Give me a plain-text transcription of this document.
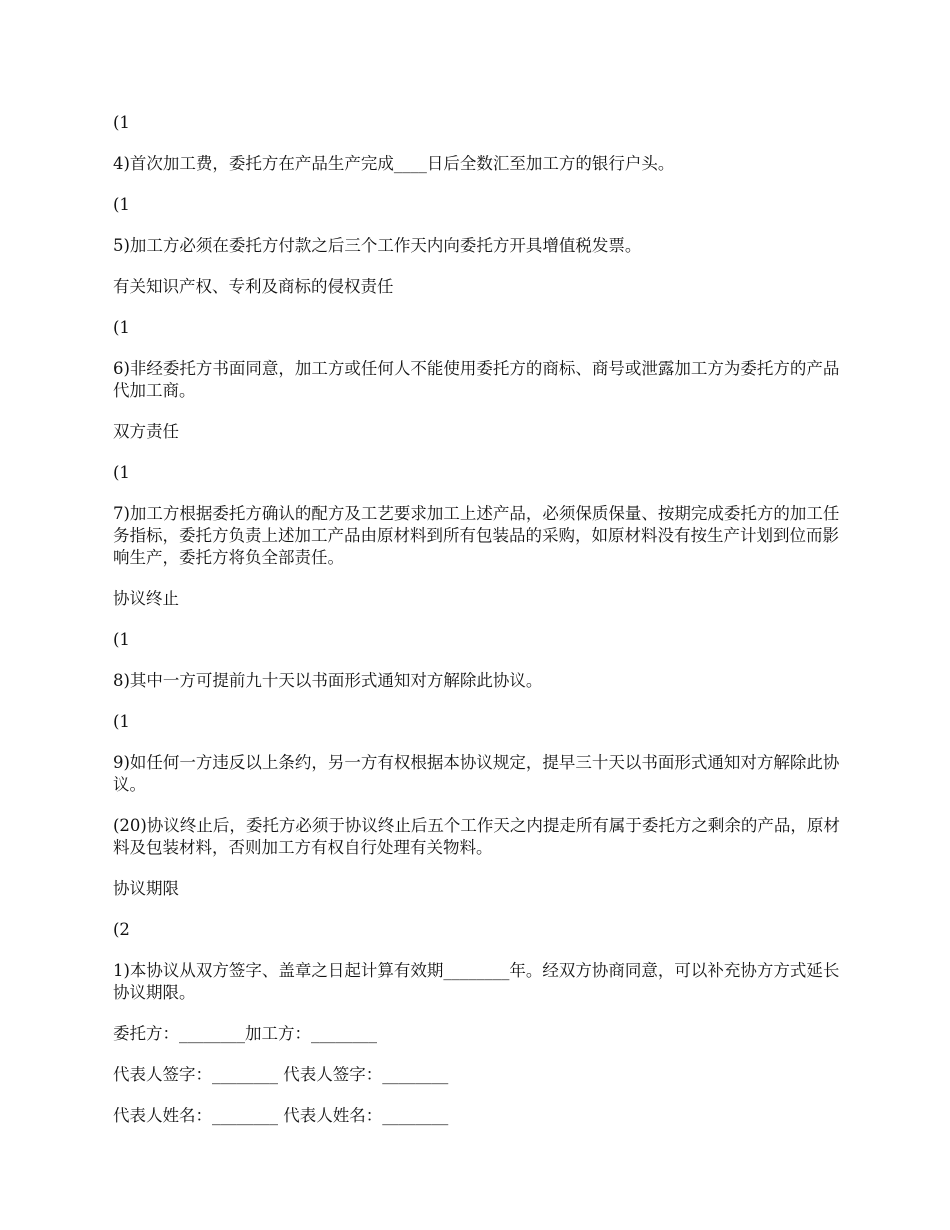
(1

4)首次加工费，委托方在产品生产完成____日后全数汇至加工方的银行户头。

(1

5)加工方必须在委托方付款之后三个工作天内向委托方开具增值税发票。

有关知识产权、专利及商标的侵权责任

(1

6)非经委托方书面同意，加工方或任何人不能使用委托方的商标、商号或泄露加工方为委托方的产品代加工商。

双方责任

(1

7)加工方根据委托方确认的配方及工艺要求加工上述产品，必须保质保量、按期完成委托方的加工任务指标，委托方负责上述加工产品由原材料到所有包装品的采购，如原材料没有按生产计划到位而影响生产，委托方将负全部责任。

协议终止

(1

8)其中一方可提前九十天以书面形式通知对方解除此协议。

(1

9)如任何一方违反以上条约，另一方有权根据本协议规定，提早三十天以书面形式通知对方解除此协议。

(20)协议终止后，委托方必须于协议终止后五个工作天之内提走所有属于委托方之剩余的产品，原材料及包装材料，否则加工方有权自行处理有关物料。

协议期限

(2

1)本协议从双方签字、盖章之日起计算有效期________年。经双方协商同意，可以补充协方方式延长协议期限。

委托方：________加工方：________

代表人签字：________ 代表人签字：________

代表人姓名：________ 代表人姓名：________
